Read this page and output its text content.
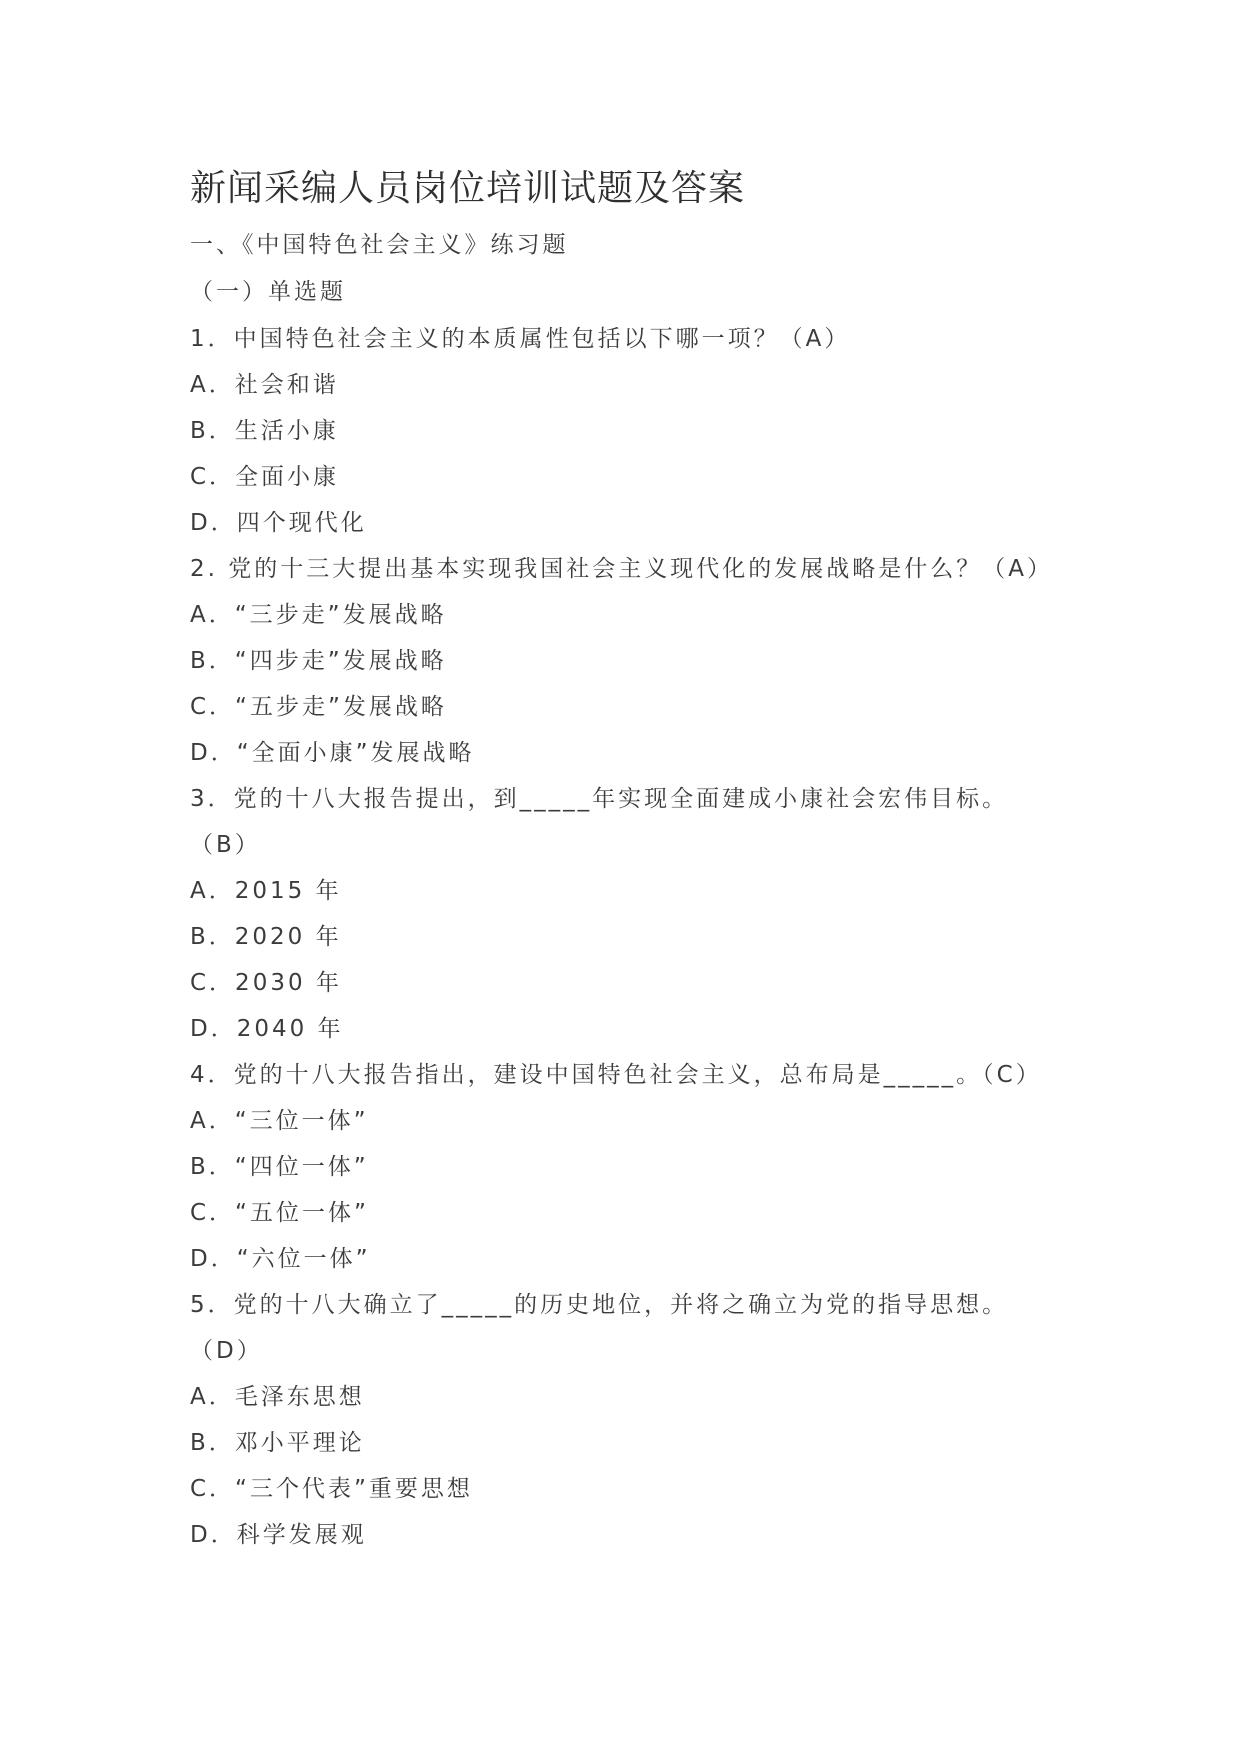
新闻采编人员岗位培训试题及答案
一、《中国特色社会主义》练习题
（一）单选题
1．中国特色社会主义的本质属性包括以下哪一项？（A）
A．社会和谐
B．生活小康
C．全面小康
D．四个现代化
2. 党的十三大提出基本实现我国社会主义现代化的发展战略是什么？（A）
A．“三步走”发展战略
B．“四步走”发展战略
C．“五步走”发展战略
D．“全面小康”发展战略
3．党的十八大报告提出，到_____年实现全面建成小康社会宏伟目标。
（B）
A．2015 年
B．2020 年
C．2030 年
D．2040 年
4．党的十八大报告指出，建设中国特色社会主义，总布局是_____。（C）
A．“三位一体”
B．“四位一体”
C．“五位一体”
D．“六位一体”
5．党的十八大确立了_____的历史地位，并将之确立为党的指导思想。
（D）
A．毛泽东思想
B．邓小平理论
C．“三个代表”重要思想
D．科学发展观
